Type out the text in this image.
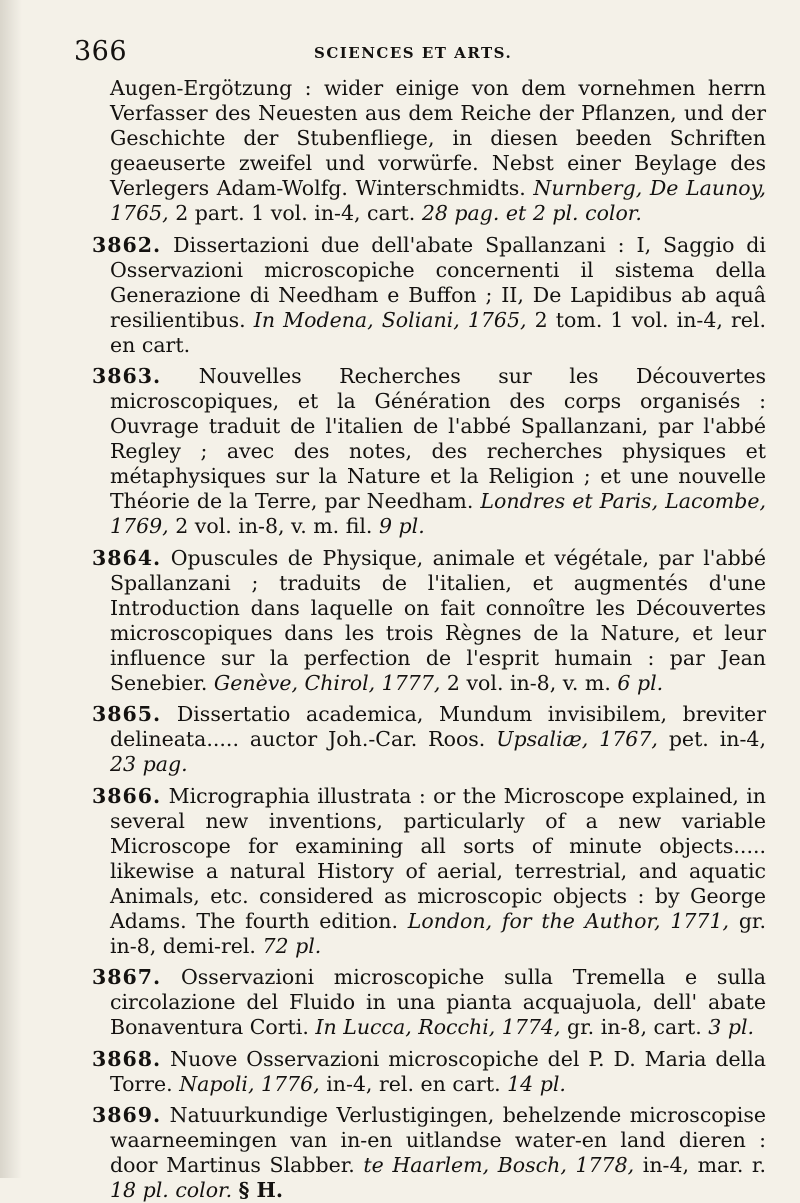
366	SCIENCES ET ARTS.

Augen-Ergötzung : wider einige von dem vornehmen herrn Verfasser des Neuesten aus dem Reiche der Pflanzen, und der Geschichte der Stubenfliege, in diesen beeden Schriften geaeuserte zweifel und vorwürfe. Nebst einer Beylage des Verlegers Adam-Wolfg. Winterschmidts. Nurnberg, De Launoy, 1765, 2 part. 1 vol. in-4, cart. 28 pag. et 2 pl. color.

3862. Dissertazioni due dell'abate Spallanzani : I, Saggio di Osservazioni microscopiche concernenti il sistema della Generazione di Needham e Buffon ; II, De Lapidibus ab aquâ resilientibus. In Modena, Soliani, 1765, 2 tom. 1 vol. in-4, rel. en cart.

3863. Nouvelles Recherches sur les Découvertes microscopiques, et la Génération des corps organisés : Ouvrage traduit de l'italien de l'abbé Spallanzani, par l'abbé Regley ; avec des notes, des recherches physiques et métaphysiques sur la Nature et la Religion ; et une nouvelle Théorie de la Terre, par Needham. Londres et Paris, Lacombe, 1769, 2 vol. in-8, v. m. fil. 9 pl.

3864. Opuscules de Physique, animale et végétale, par l'abbé Spallanzani ; traduits de l'italien, et augmentés d'une Introduction dans laquelle on fait connoître les Découvertes microscopiques dans les trois Règnes de la Nature, et leur influence sur la perfection de l'esprit humain : par Jean Senebier. Genève, Chirol, 1777, 2 vol. in-8, v. m. 6 pl.

3865. Dissertatio academica, Mundum invisibilem, breviter delineata..... auctor Joh.-Car. Roos. Upsaliæ, 1767, pet. in-4, 23 pag.

3866. Micrographia illustrata : or the Microscope explained, in several new inventions, particularly of a new variable Microscope for examining all sorts of minute objects..... likewise a natural History of aerial, terrestrial, and aquatic Animals, etc. considered as microscopic objects : by George Adams. The fourth edition. London, for the Author, 1771, gr. in-8, demi-rel. 72 pl.

3867. Osservazioni microscopiche sulla Tremella e sulla circolazione del Fluido in una pianta acquajuola, dell' abate Bonaventura Corti. In Lucca, Rocchi, 1774, gr. in-8, cart. 3 pl.

3868. Nuove Osservazioni microscopiche del P. D. Maria della Torre. Napoli, 1776, in-4, rel. en cart. 14 pl.

3869. Natuurkundige Verlustigingen, behelzende microscopise waarneemingen van in-en uitlandse water-en land dieren : door Martinus Slabber. te Haarlem, Bosch, 1778, in-4, mar. r. 18 pl. color. § H.
